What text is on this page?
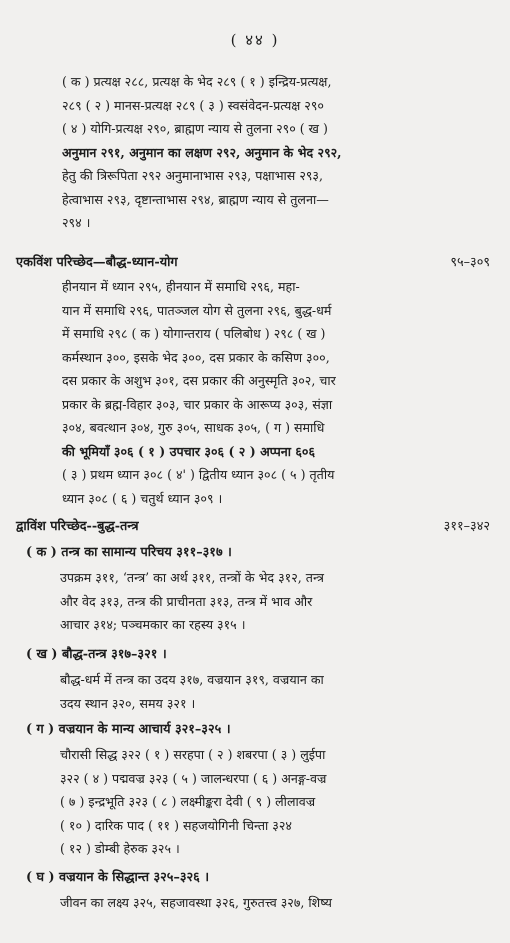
( ४४ )
( क ) प्रत्यक्ष २८८, प्रत्यक्ष के भेद २८९ ( १ ) इन्द्रिय-प्रत्यक्ष,
२८९ ( २ ) मानस-प्रत्यक्ष २८९ ( ३ ) स्वसंवेदन-प्रत्यक्ष २९०
( ४ ) योगि-प्रत्यक्ष २९०, ब्राह्मण न्याय से तुलना २९० ( ख )
अनुमान २९१, अनुमान का लक्षण २९२, अनुमान के भेद २९२,
हेतु की त्रिरूपिता २९२ अनुमानाभास २९३, पक्षाभास २९३,
हेत्वाभास २९३, दृष्टान्ताभास २९४, ब्राह्मण न्याय से तुलना—
२९४ ।
एकविंश परिच्छेद—बौद्ध-ध्यान-योग	९५–३०९
हीनयान में ध्यान २९५, हीनयान में समाधि २९६, महा-
यान में समाधि २९६, पातञ्जल योग से तुलना २९६, बुद्ध-धर्म
में समाधि २९८ ( क ) योगान्तराय ( पलिबोध ) २९८ ( ख )
कर्मस्थान ३००, इसके भेद ३००, दस प्रकार के कसिण ३००,
दस प्रकार के अशुभ ३०१, दस प्रकार की अनुस्मृति ३०२, चार
प्रकार के ब्रह्म-विहार ३०३, चार प्रकार के आरूप्य ३०३, संज्ञा
३०४, बवत्थान ३०४, गुरु ३०५, साधक ३०५, ( ग ) समाधि
की भूमियाँ ३०६ ( १ ) उपचार ३०६ ( २ ) अप्पना ६०६
( ३ ) प्रथम ध्यान ३०८ ( ४' ) द्वितीय ध्यान ३०८ ( ५ ) तृतीय
ध्यान ३०८ ( ६ ) चतुर्थ ध्यान ३०९ ।
द्वाविंश परिच्छेद--बुद्ध-तन्त्र	३११–३४२
( क ) तन्त्र का सामान्य परिचय ३११–३१७ ।
उपक्रम ३११, ‘तन्त्र’ का अर्थ ३११, तन्त्रों के भेद ३१२, तन्त्र
और वेद ३१३, तन्त्र की प्राचीनता ३१३, तन्त्र में भाव और
आचार ३१४; पञ्चमकार का रहस्य ३१५ ।
( ख ) बौद्ध-तन्त्र ३१७–३२१ ।
बौद्ध-धर्म में तन्त्र का उदय ३१७, वज्रयान ३१९, वज्रयान का
उदय स्थान ३२०, समय ३२१ ।
( ग ) वज्रयान के मान्य आचार्य ३२१–३२५ ।
चौरासी सिद्ध ३२२ ( १ ) सरहपा ( २ ) शबरपा ( ३ ) लुईपा
३२२ ( ४ ) पद्मवज्र ३२३ ( ५ ) जालन्धरपा ( ६ ) अनङ्ग-वज्र
( ७ ) इन्द्रभूति ३२३ ( ८ ) लक्ष्मीङ्करा देवी ( ९ ) लीलावज्र
( १० ) दारिक पाद ( ११ ) सहजयोगिनी चिन्ता ३२४
( १२ ) डोम्बी हेरुक ३२५ ।
( घ ) वज्रयान के सिद्धान्त ३२५–३२६ ।
जीवन का लक्ष्य ३२५, सहजावस्था ३२६, गुरुतत्त्व ३२७, शिष्य
